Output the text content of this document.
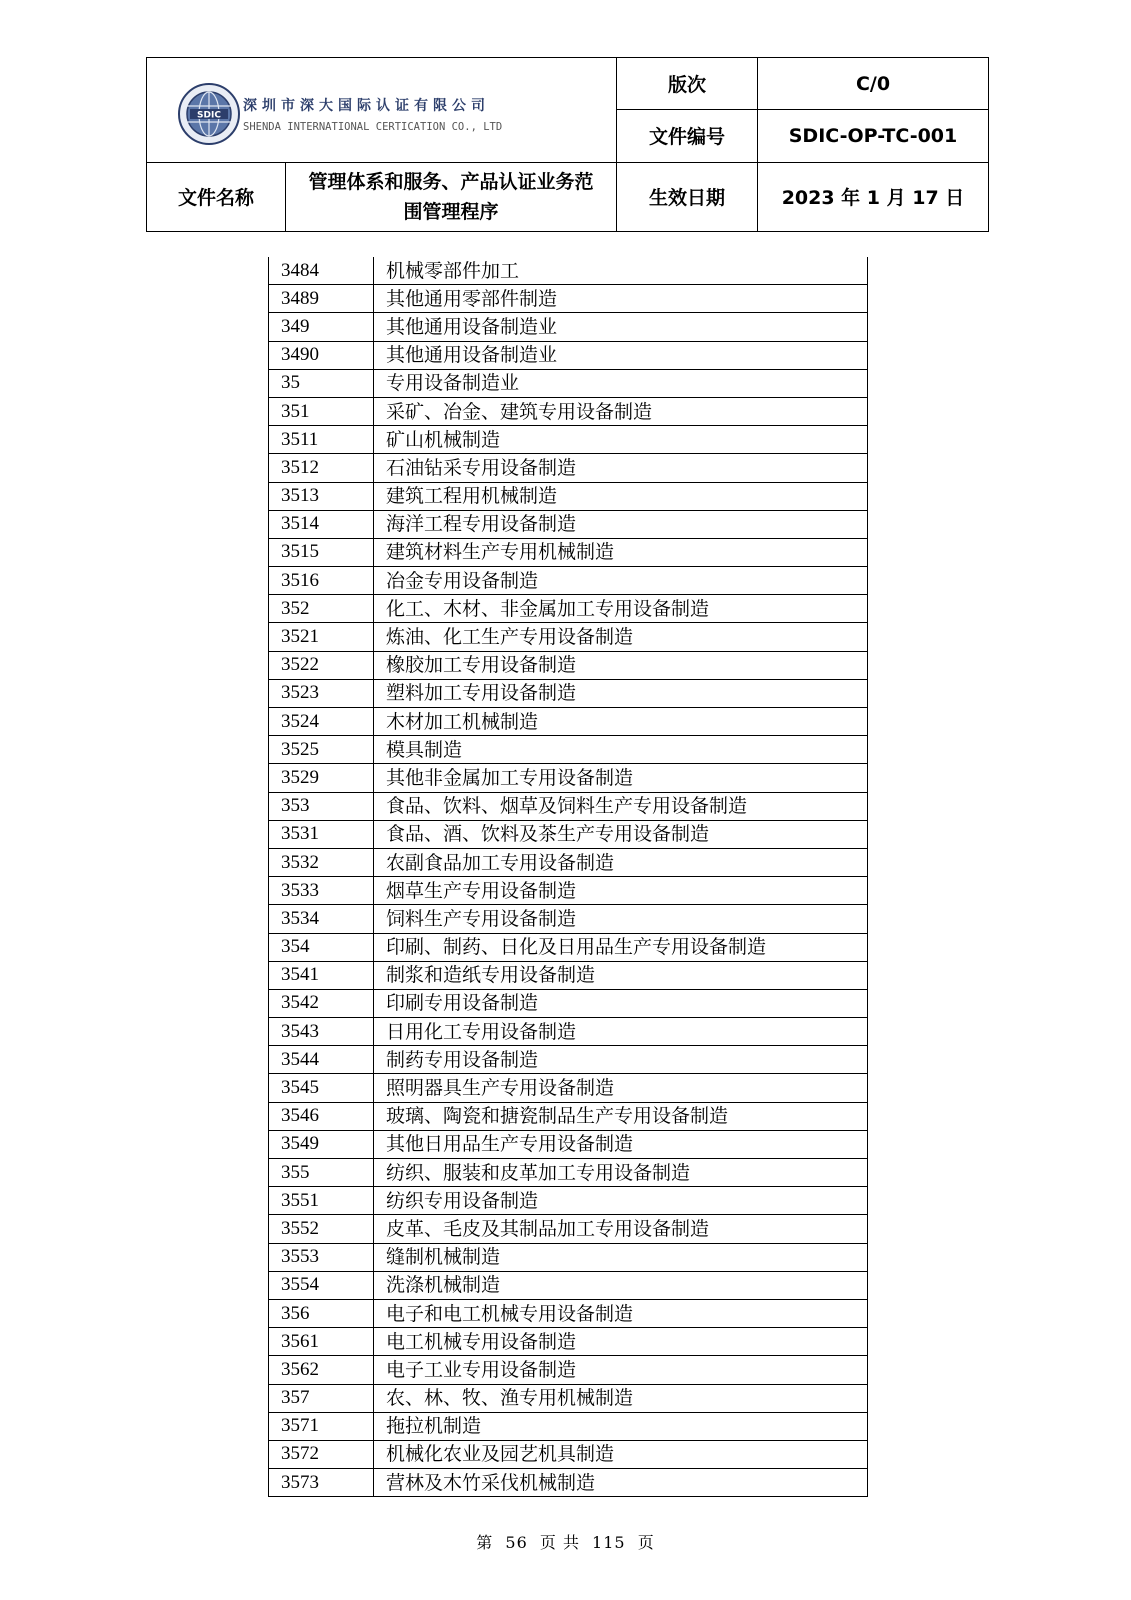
SDIC
深圳市深大国际认证有限公司
SHENDA INTERNATIONAL CERTICATION CO., LTD		版次	C/0
		文件编号	SDIC-OP-TC-001
文件名称	管理体系和服务、产品认证业务范
围管理程序	生效日期	2023 年 1 月 17 日
3484	机械零部件加工
3489	其他通用零部件制造
349	其他通用设备制造业
3490	其他通用设备制造业
35	专用设备制造业
351	采矿、冶金、建筑专用设备制造
3511	矿山机械制造
3512	石油钻采专用设备制造
3513	建筑工程用机械制造
3514	海洋工程专用设备制造
3515	建筑材料生产专用机械制造
3516	冶金专用设备制造
352	化工、木材、非金属加工专用设备制造
3521	炼油、化工生产专用设备制造
3522	橡胶加工专用设备制造
3523	塑料加工专用设备制造
3524	木材加工机械制造
3525	模具制造
3529	其他非金属加工专用设备制造
353	食品、饮料、烟草及饲料生产专用设备制造
3531	食品、酒、饮料及茶生产专用设备制造
3532	农副食品加工专用设备制造
3533	烟草生产专用设备制造
3534	饲料生产专用设备制造
354	印刷、制药、日化及日用品生产专用设备制造
3541	制浆和造纸专用设备制造
3542	印刷专用设备制造
3543	日用化工专用设备制造
3544	制药专用设备制造
3545	照明器具生产专用设备制造
3546	玻璃、陶瓷和搪瓷制品生产专用设备制造
3549	其他日用品生产专用设备制造
355	纺织、服装和皮革加工专用设备制造
3551	纺织专用设备制造
3552	皮革、毛皮及其制品加工专用设备制造
3553	缝制机械制造
3554	洗涤机械制造
356	电子和电工机械专用设备制造
3561	电工机械专用设备制造
3562	电子工业专用设备制造
357	农、林、牧、渔专用机械制造
3571	拖拉机制造
3572	机械化农业及园艺机具制造
3573	营林及木竹采伐机械制造
第 56 页 共 115 页
